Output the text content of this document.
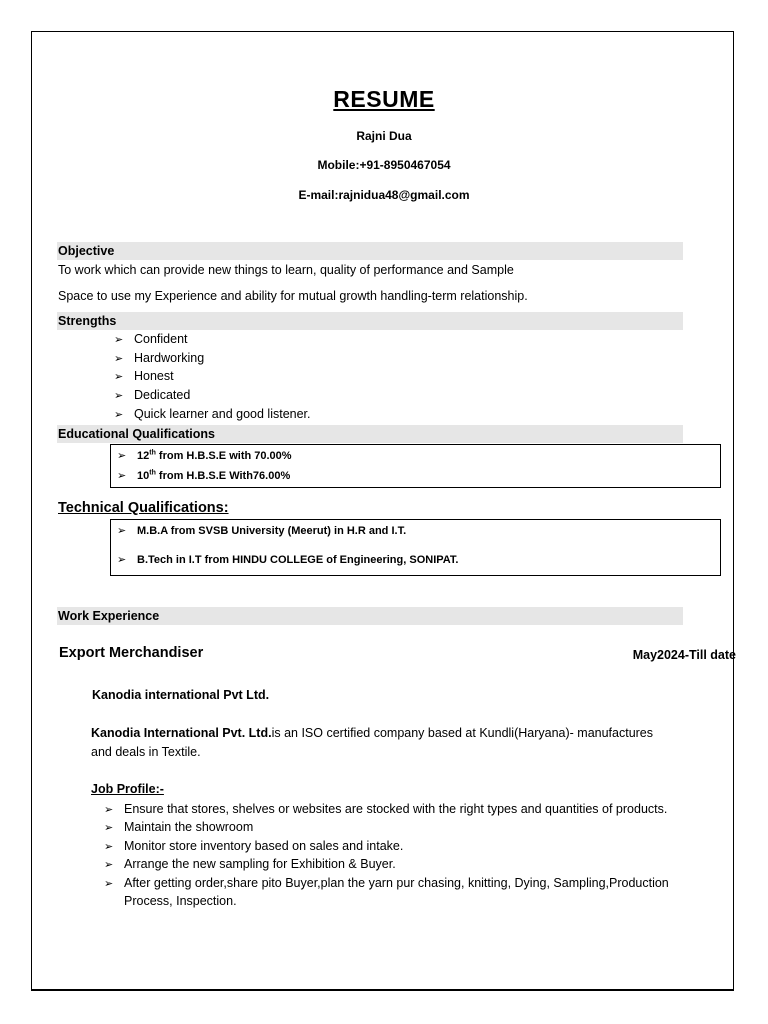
RESUME
Rajni Dua
Mobile:+91-8950467054
E-mail:rajnidua48@gmail.com
Objective
To work which can provide new things to learn, quality of performance and Sample
Space to use my Experience and ability for mutual growth handling-term relationship.
Strengths
➢ Confident
➢ Hardworking
➢ Honest
➢ Dedicated
➢ Quick learner and good listener.
Educational Qualifications
➢ 12th from H.B.S.E with 70.00%
➢ 10th from H.B.S.E With76.00%
Technical Qualifications:
➢ M.B.A from SVSB University (Meerut) in H.R and I.T.
➢ B.Tech in I.T from HINDU COLLEGE of Engineering, SONIPAT.
Work Experience
Export Merchandiser	May2024-Till date
Kanodia international Pvt Ltd.
Kanodia International Pvt. Ltd.is an ISO certified company based at Kundli(Haryana)- manufactures
and deals in Textile.
Job Profile:-
➢ Ensure that stores, shelves or websites are stocked with the right types and quantities of products.
➢ Maintain the showroom
➢ Monitor store inventory based on sales and intake.
➢ Arrange the new sampling for Exhibition & Buyer.
➢ After getting order,share pito Buyer,plan the yarn pur chasing, knitting, Dying, Sampling,Production
Process, Inspection.
